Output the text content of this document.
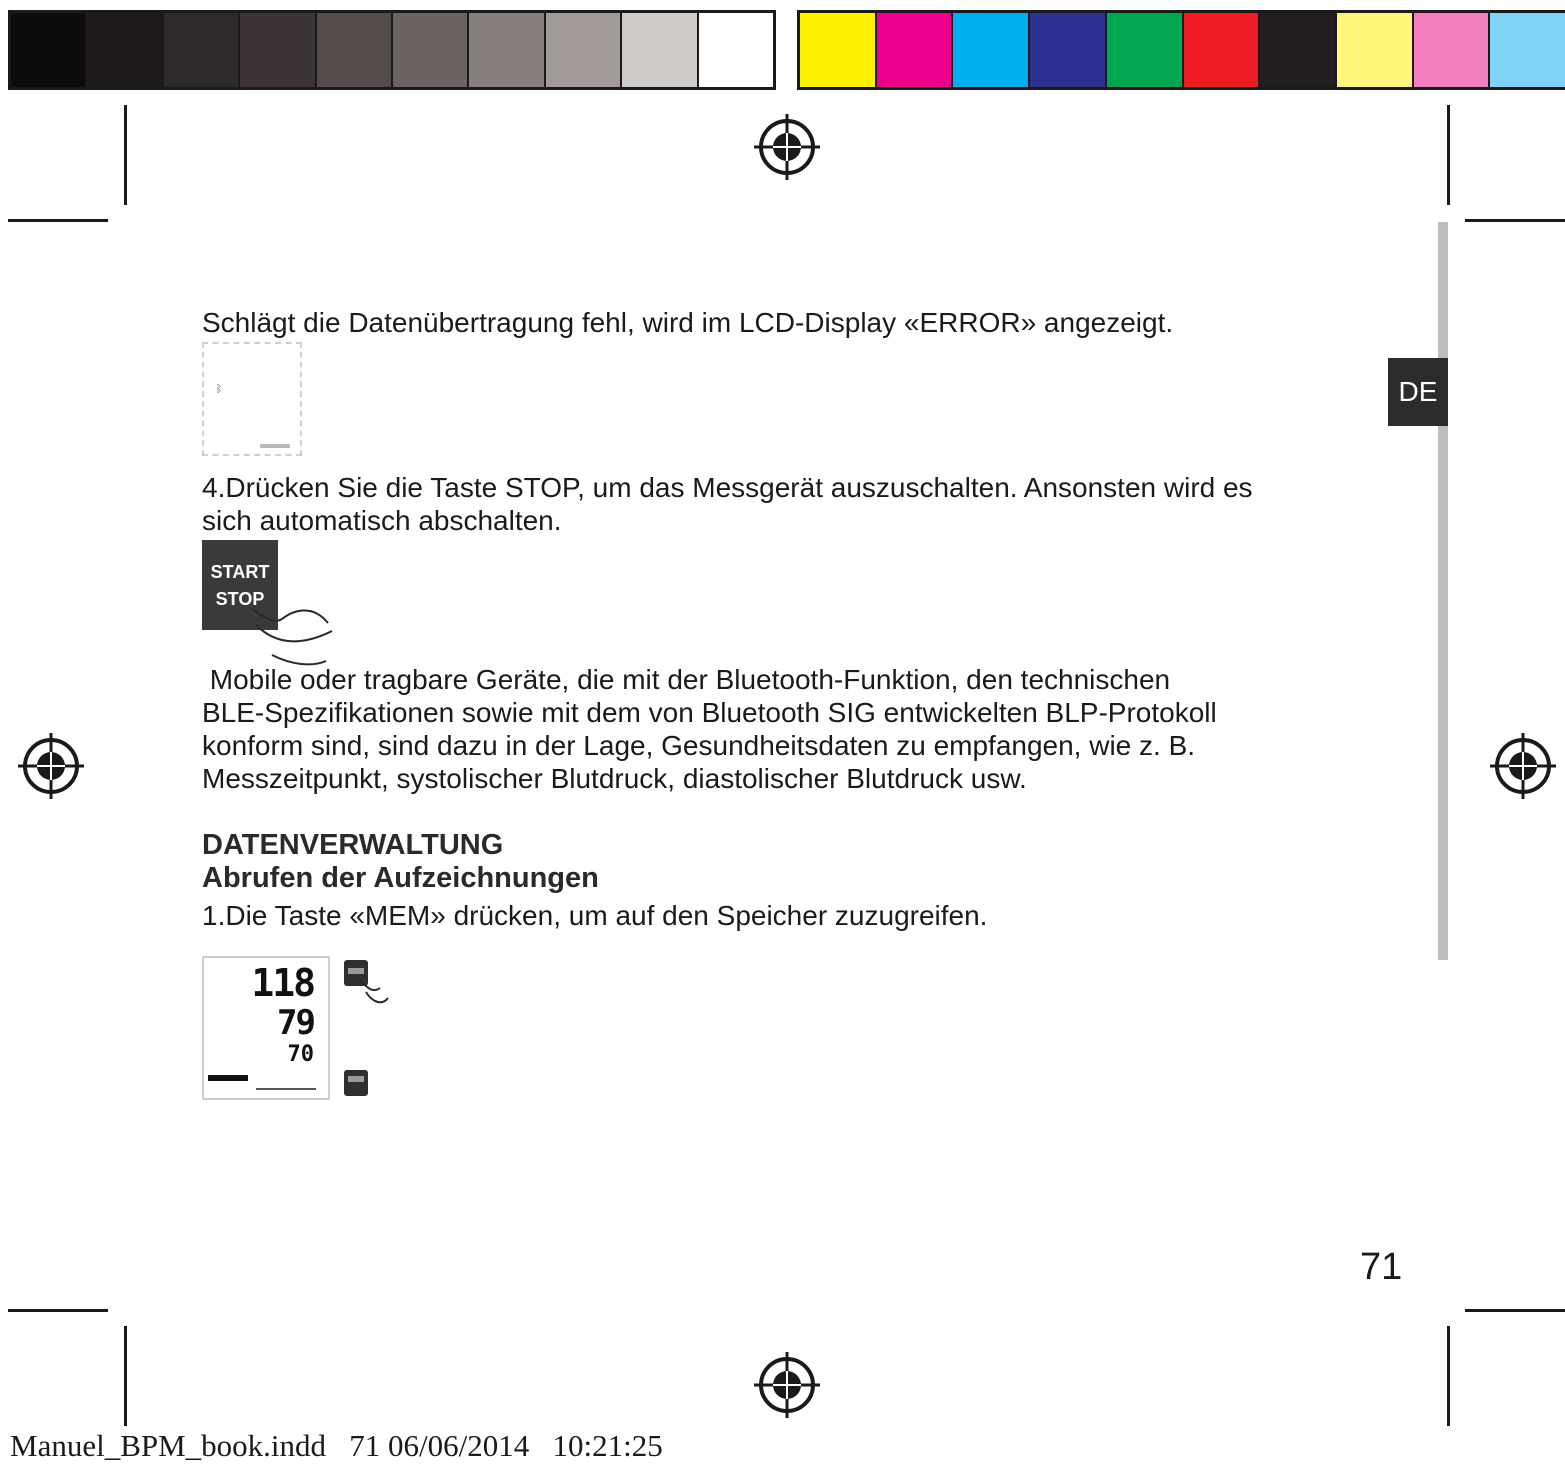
DE
Schlägt die Datenübertragung fehl, wird im LCD-Display «ERROR» angezeigt.
ᛒ
4.Drücken Sie die Taste STOP, um das Messgerät auszuschalten. Ansonsten wird es
sich automatisch abschalten.
START
STOP
Mobile oder tragbare Geräte, die mit der Bluetooth-Funktion, den technischen
BLE-Spezifikationen sowie mit dem von Bluetooth SIG entwickelten BLP-Protokoll
konform sind, sind dazu in der Lage, Gesundheitsdaten zu empfangen, wie z. B.
Messzeitpunkt, systolischer Blutdruck, diastolischer Blutdruck usw.
DATENVERWALTUNG
Abrufen der Aufzeichnungen
1.Die Taste «MEM» drücken, um auf den Speicher zuzugreifen.
118
79
70
71
Manuel_BPM_book.indd   71 06/06/2014   10:21:25
